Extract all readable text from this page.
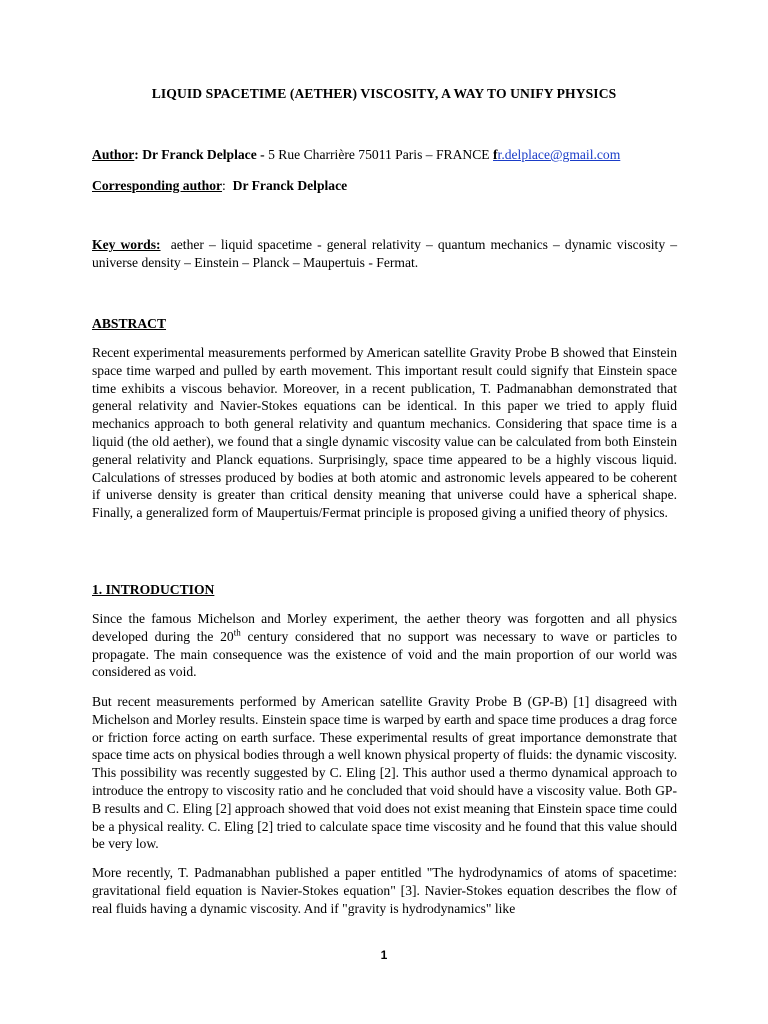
LIQUID SPACETIME (AETHER) VISCOSITY, A WAY TO UNIFY PHYSICS
Author: Dr Franck Delplace - 5 Rue Charrière 75011 Paris – FRANCE fr.delplace@gmail.com
Corresponding author: Dr Franck Delplace
Key words: aether – liquid spacetime - general relativity – quantum mechanics – dynamic viscosity – universe density – Einstein – Planck – Maupertuis - Fermat.
ABSTRACT
Recent experimental measurements performed by American satellite Gravity Probe B showed that Einstein space time warped and pulled by earth movement. This important result could signify that Einstein space time exhibits a viscous behavior. Moreover, in a recent publication, T. Padmanabhan demonstrated that general relativity and Navier-Stokes equations can be identical. In this paper we tried to apply fluid mechanics approach to both general relativity and quantum mechanics. Considering that space time is a liquid (the old aether), we found that a single dynamic viscosity value can be calculated from both Einstein general relativity and Planck equations. Surprisingly, space time appeared to be a highly viscous liquid. Calculations of stresses produced by bodies at both atomic and astronomic levels appeared to be coherent if universe density is greater than critical density meaning that universe could have a spherical shape. Finally, a generalized form of Maupertuis/Fermat principle is proposed giving a unified theory of physics.
1. INTRODUCTION
Since the famous Michelson and Morley experiment, the aether theory was forgotten and all physics developed during the 20th century considered that no support was necessary to wave or particles to propagate. The main consequence was the existence of void and the main proportion of our world was considered as void.
But recent measurements performed by American satellite Gravity Probe B (GP-B) [1] disagreed with Michelson and Morley results. Einstein space time is warped by earth and space time produces a drag force or friction force acting on earth surface. These experimental results of great importance demonstrate that space time acts on physical bodies through a well known physical property of fluids: the dynamic viscosity. This possibility was recently suggested by C. Eling [2]. This author used a thermo dynamical approach to introduce the entropy to viscosity ratio and he concluded that void should have a viscosity value. Both GP-B results and C. Eling [2] approach showed that void does not exist meaning that Einstein space time could be a physical reality. C. Eling [2] tried to calculate space time viscosity and he found that this value should be very low.
More recently, T. Padmanabhan published a paper entitled "The hydrodynamics of atoms of spacetime: gravitational field equation is Navier-Stokes equation" [3]. Navier-Stokes equation describes the flow of real fluids having a dynamic viscosity. And if "gravity is hydrodynamics" like
1
